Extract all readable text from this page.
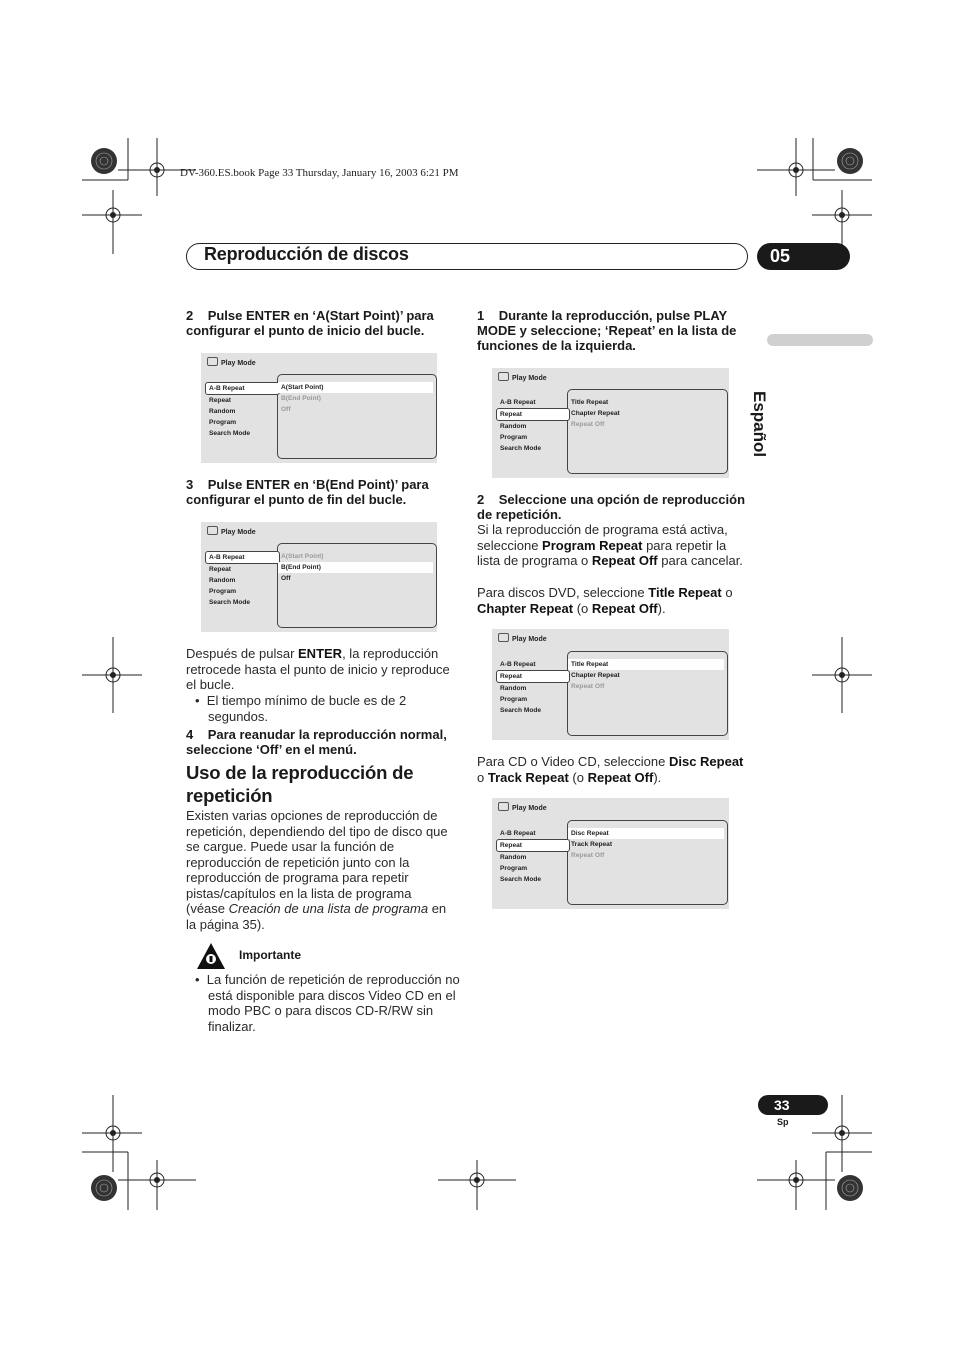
DV-360.ES.book Page 33 Thursday, January 16, 2003 6:21 PM
Reproducción de discos	05
Español
2 Pulse ENTER en ‘A(Start Point)’ para configurar el punto de inicio del bucle.
Play Mode
A-B Repeat
Repeat
Random
Program
Search Mode
A(Start Point)
B(End Point)
Off
3 Pulse ENTER en ‘B(End Point)’ para configurar el punto de fin del bucle.
Play Mode
A-B Repeat
Repeat
Random
Program
Search Mode
A(Start Point)
B(End Point)
Off
Después de pulsar ENTER, la reproducción retrocede hasta el punto de inicio y reproduce el bucle.
•  El tiempo mínimo de bucle es de 2 segundos.
4 Para reanudar la reproducción normal, seleccione ‘Off’ en el menú.
Uso de la reproducción de repetición
Existen varias opciones de reproducción de repetición, dependiendo del tipo de disco que se cargue. Puede usar la función de reproducción de repetición junto con la reproducción de programa para repetir pistas/capítulos en la lista de programa (véase Creación de una lista de programa en la página 35).
Importante
•  La función de repetición de reproducción no está disponible para discos Video CD en el modo PBC o para discos CD-R/RW sin finalizar.
1 Durante la reproducción, pulse PLAY MODE y seleccione; ‘Repeat’ en la lista de funciones de la izquierda.
Play Mode
A-B Repeat
Repeat
Random
Program
Search Mode
Title Repeat
Chapter Repeat
Repeat Off
2 Seleccione una opción de reproducción de repetición.
Si la reproducción de programa está activa, seleccione Program Repeat para repetir la lista de programa o Repeat Off para cancelar.
Para discos DVD, seleccione Title Repeat o Chapter Repeat (o Repeat Off).
Play Mode
A-B Repeat
Repeat
Random
Program
Search Mode
Title Repeat
Chapter Repeat
Repeat Off
Para CD o Video CD, seleccione Disc Repeat o Track Repeat (o Repeat Off).
Play Mode
A-B Repeat
Repeat
Random
Program
Search Mode
Disc Repeat
Track Repeat
Repeat Off
33
Sp
